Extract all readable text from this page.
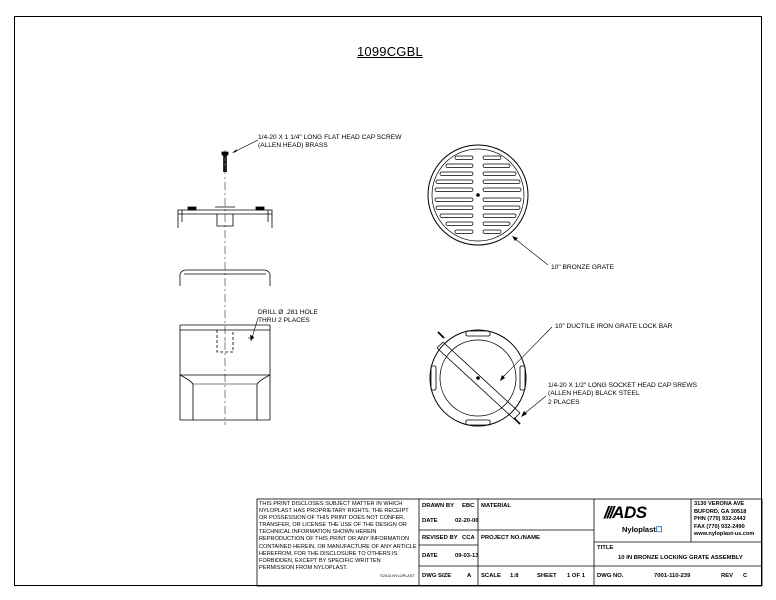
1099CGBL
1/4-20 X 1 1/4" LONG FLAT HEAD CAP SCREW
(ALLEN HEAD) BRASS
DRILL Ø .281 HOLE
THRU 2 PLACES
10" BRONZE GRATE
10" DUCTILE IRON GRATE LOCK BAR
1/4-20 X 1/2" LONG SOCKET HEAD CAP SREWS
(ALLEN HEAD) BLACK STEEL
2 PLACES
THIS PRINT DISCLOSES SUBJECT MATTER IN WHICH NYLOPLAST HAS PROPRIETARY RIGHTS. THE RECEIPT OR POSSESSION OF THIS PRINT DOES NOT CONFER, TRANSFER, OR LICENSE THE USE OF THE DESIGN OR TECHNICAL INFORMATION SHOWN HEREIN REPRODUCTION OF THIS PRINT OR ANY INFORMATION CONTAINED HEREIN, OR MANUFACTURE OF ANY ARTICLE HEREFROM, FOR THE DISCLOSURE TO OTHERS IS FORBIDDEN, EXCEPT BY SPECIFIC WRITTEN PERMISSION FROM NYLOPLAST.
©2013 NYLOPLAST
DRAWN BY EBC
DATE	02-20-06
REVISED BY CCA
DATE	09-03-13
DWG SIZE	A
MATERIAL
PROJECT NO./NAME
SCALE 1:8	SHEET 1 OF 1
///ADS
Nyloplast☐
3130 VERONA AVE
BUFORD, GA 30518
PHN (770) 932-2443
FAX (770) 932-2490
www.nyloplast-us.com
TITLE
10 IN BRONZE LOCKING GRATE ASSEMBLY
DWG NO.	7001-110-239	REV C
